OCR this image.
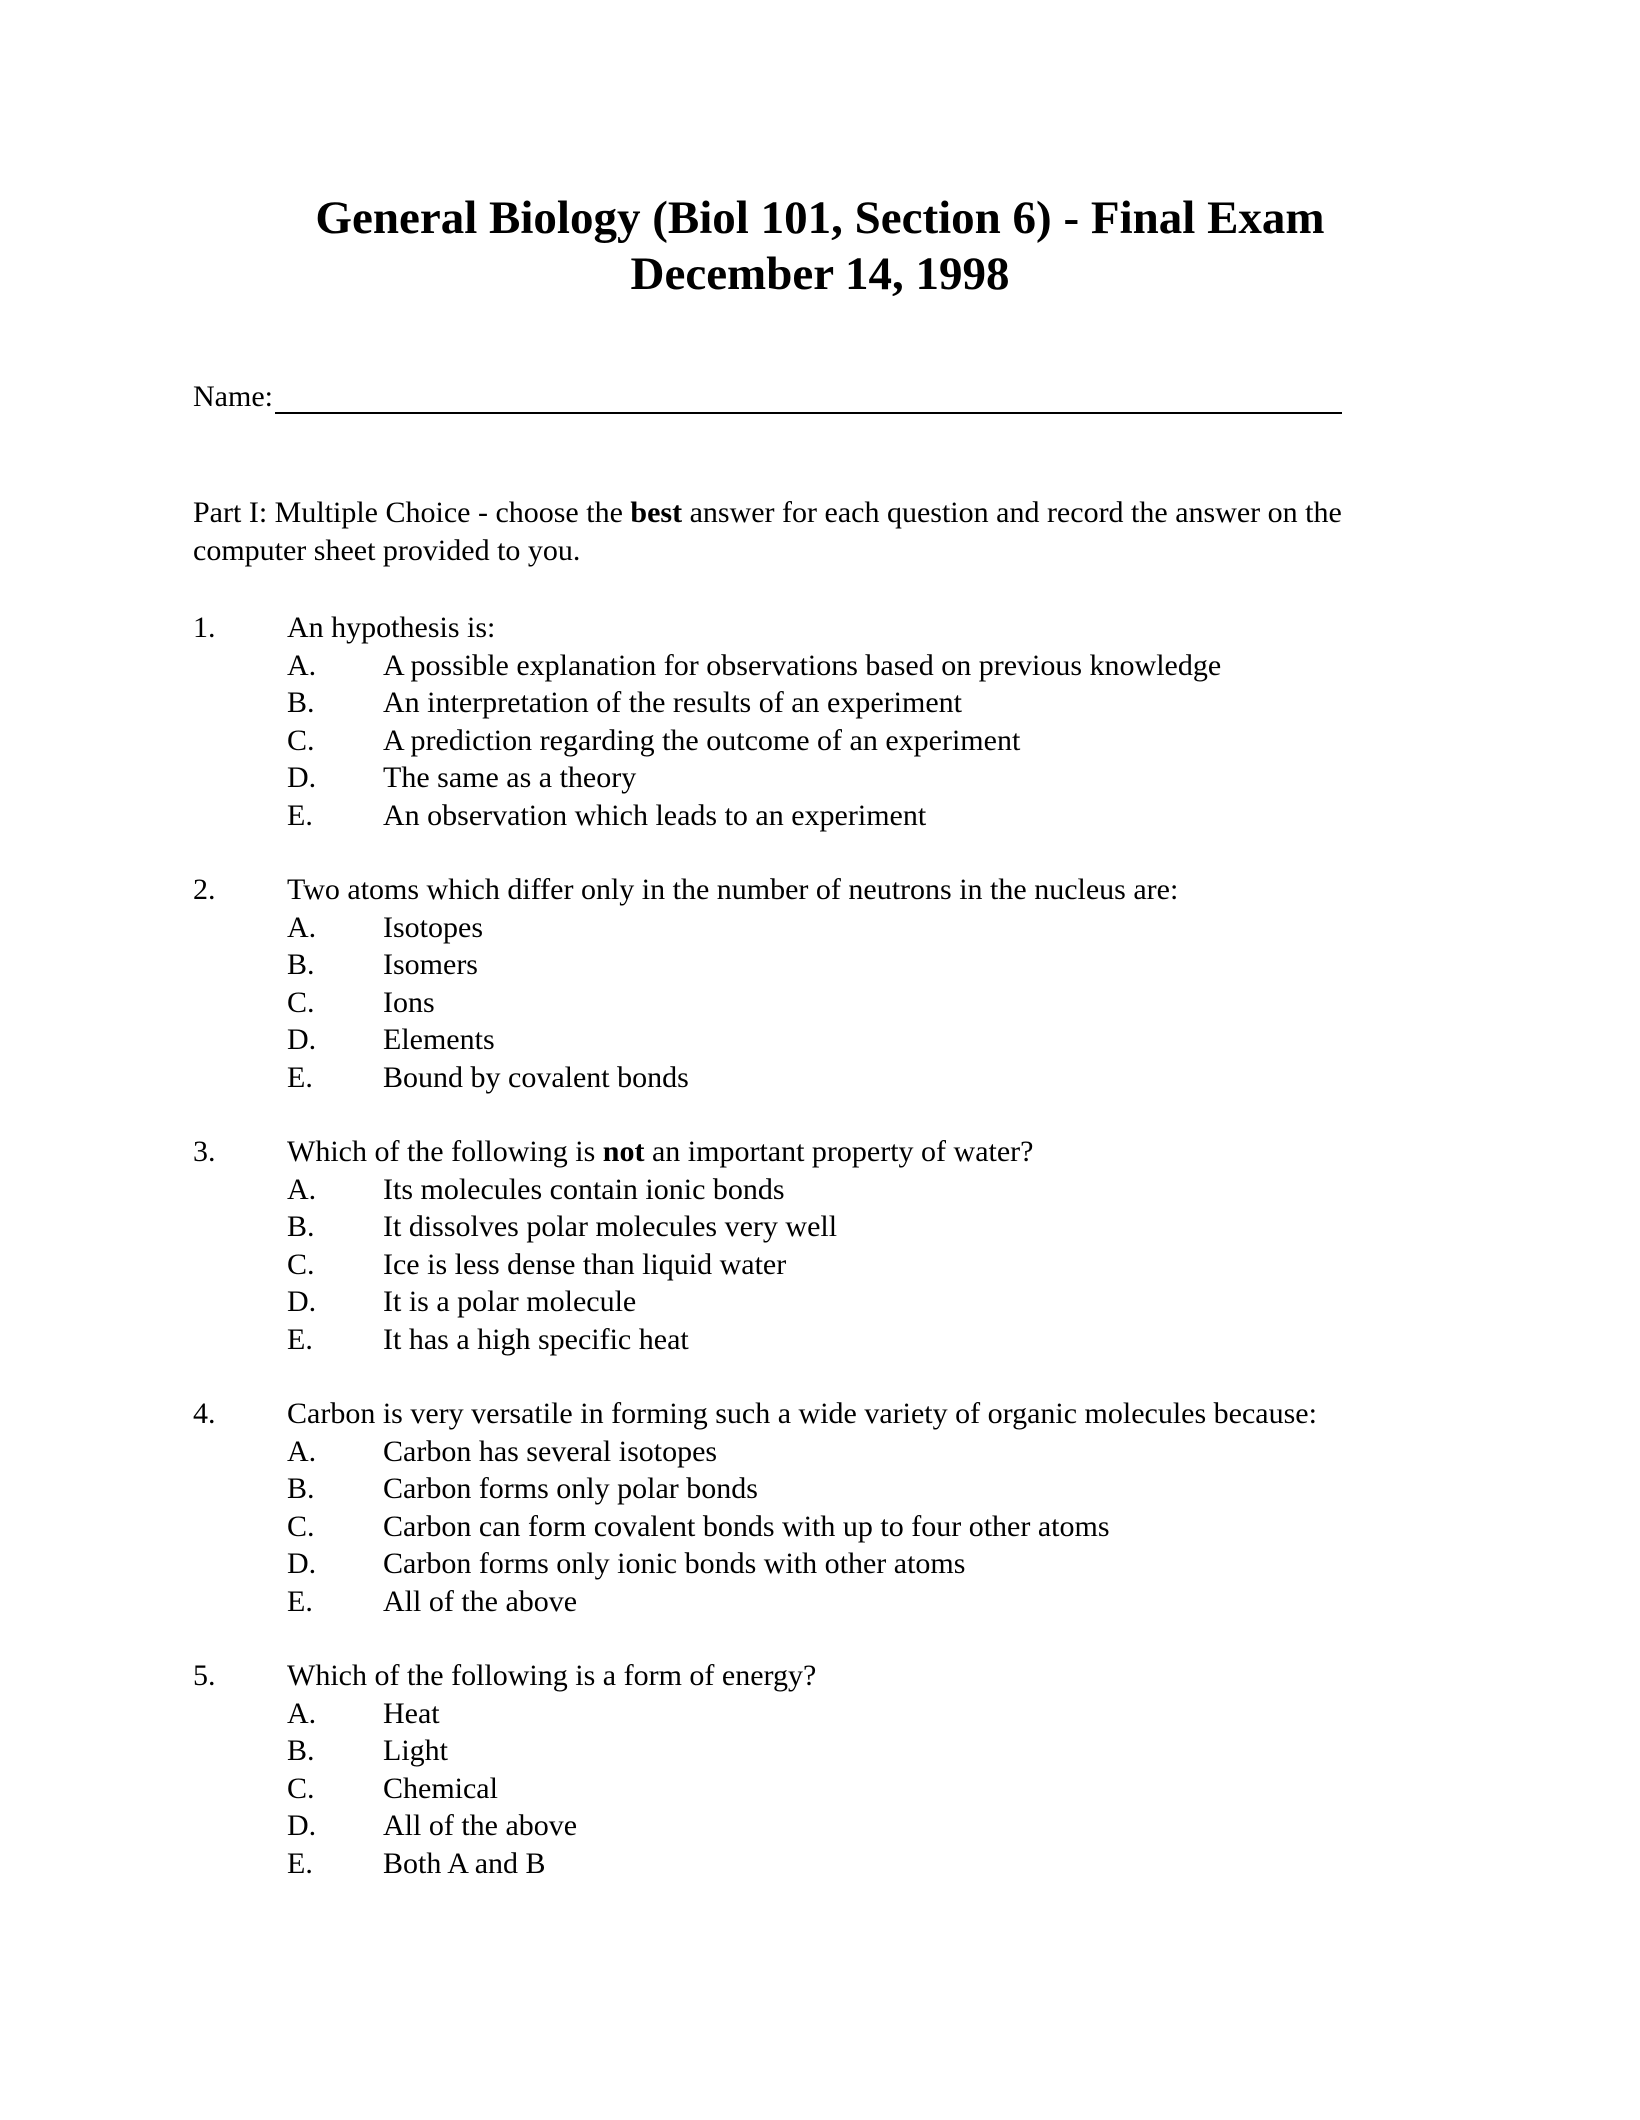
General Biology (Biol 101, Section 6) - Final Exam
December 14, 1998
Name:
Part I: Multiple Choice - choose the best answer for each question and record the answer on the computer sheet provided to you.
1. An hypothesis is:
A.	A possible explanation for observations based on previous knowledge
B.	An interpretation of the results of an experiment
C.	A prediction regarding the outcome of an experiment
D.	The same as a theory
E.	An observation which leads to an experiment
2. Two atoms which differ only in the number of neutrons in the nucleus are:
A.	Isotopes
B.	Isomers
C.	Ions
D.	Elements
E.	Bound by covalent bonds
3. Which of the following is not an important property of water?
A.	Its molecules contain ionic bonds
B.	It dissolves polar molecules very well
C.	Ice is less dense than liquid water
D.	It is a polar molecule
E.	It has a high specific heat
4. Carbon is very versatile in forming such a wide variety of organic molecules because:
A.	Carbon has several isotopes
B.	Carbon forms only polar bonds
C.	Carbon can form covalent bonds with up to four other atoms
D.	Carbon forms only ionic bonds with other atoms
E.	All of the above
5. Which of the following is a form of energy?
A.	Heat
B.	Light
C.	Chemical
D.	All of the above
E.	Both A and B
